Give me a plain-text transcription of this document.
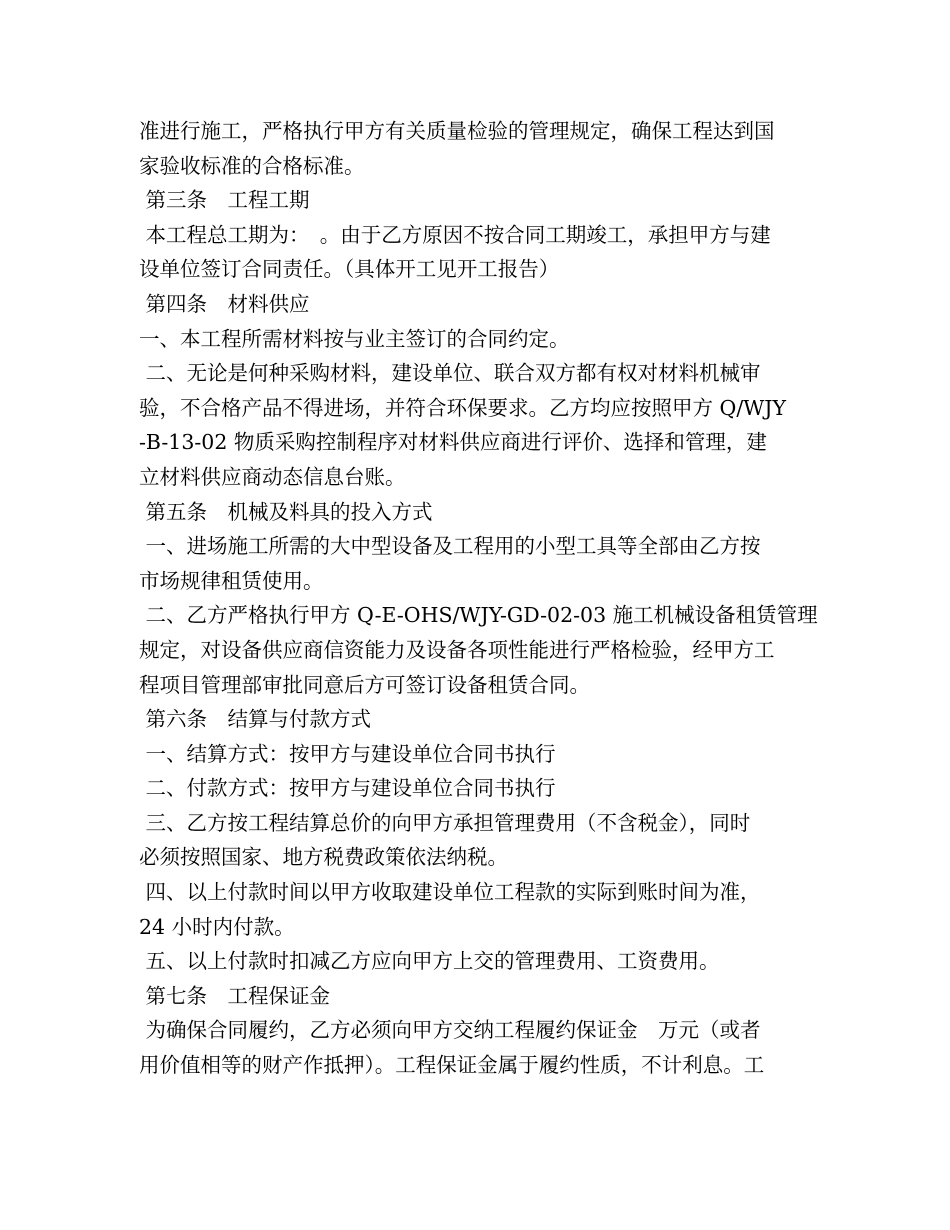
准进行施工，严格执行甲方有关质量检验的管理规定，确保工程达到国
家验收标准的合格标准。
第三条　工程工期
本工程总工期为：　。由于乙方原因不按合同工期竣工，承担甲方与建
设单位签订合同责任。（具体开工见开工报告）
第四条　材料供应
一、本工程所需材料按与业主签订的合同约定。
二、无论是何种采购材料，建设单位、联合双方都有权对材料机械审
验，不合格产品不得进场，并符合环保要求。乙方均应按照甲方 Q/WJY
-B-13-02 物质采购控制程序对材料供应商进行评价、选择和管理，建
立材料供应商动态信息台账。
第五条　机械及料具的投入方式
一、进场施工所需的大中型设备及工程用的小型工具等全部由乙方按
市场规律租赁使用。
二、乙方严格执行甲方 Q-E-OHS/WJY-GD-02-03 施工机械设备租赁管理
规定，对设备供应商信资能力及设备各项性能进行严格检验，经甲方工
程项目管理部审批同意后方可签订设备租赁合同。
第六条　结算与付款方式
一、结算方式：按甲方与建设单位合同书执行
二、付款方式：按甲方与建设单位合同书执行
三、乙方按工程结算总价的向甲方承担管理费用（不含税金），同时
必须按照国家、地方税费政策依法纳税。
四、以上付款时间以甲方收取建设单位工程款的实际到账时间为准，
24 小时内付款。
五、以上付款时扣减乙方应向甲方上交的管理费用、工资费用。
第七条　工程保证金
为确保合同履约，乙方必须向甲方交纳工程履约保证金　万元（或者
用价值相等的财产作抵押）。工程保证金属于履约性质，不计利息。工
